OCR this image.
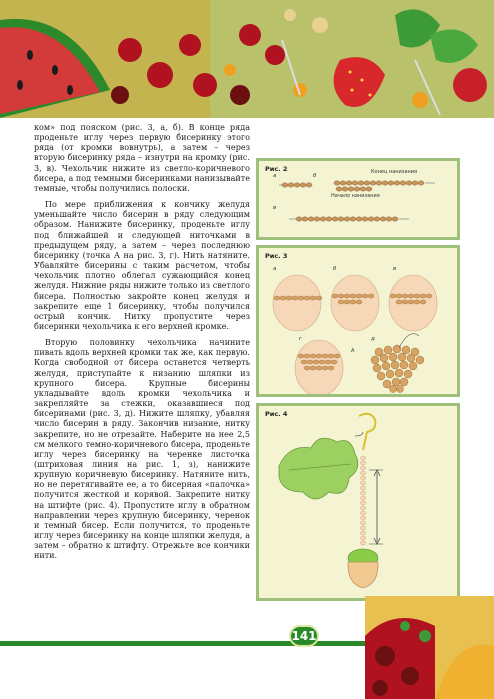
ком» под пояском (рис. 3, а, б). В конце ряда проденьте иглу через первую бисеринку этого ряда (от кромки вовнутрь), а затем – через вторую бисеринку ряда – изнутри на кромку (рис. 3, в). Чехольчик нижите из светло-коричневого бисера, а под темными бисеринками нанизывайте темные, чтобы получились полоски.

По мере приближения к кончику желудя уменьшайте число бисерин в ряду следующим образом. Нанижите бисеринку, проденьте иглу под ближайшей и следующей ниточками в предыдущем ряду, а затем – через последнюю бисеринку (точка А на рис. 3, г). Нить натяните. Убавляйте бисерины с таким расчетом, чтобы чехольчик плотно облегал сужающийся конец желудя. Нижние ряды нижите только из светлого бисера. Полностью закройте конец желудя и закрепите еще 1 бисеринку, чтобы получился острый кончик. Нитку пропустите через бисеринки чехольчика к его верхней кромке.

Вторую половинку чехольчика начините пивать вдоль верхней кромки так же, как первую. Когда свободной от бисера останется четверть желудя, приступайте к низанию шляпки из крупного бисера. Крупные бисерины укладывайте вдоль кромки чехольчика и закрепляйте за стежки, оказавшиеся под бисеринами (рис. 3, д). Нижите шляпку, убавляя число бисерин в ряду. Закончив низание, нитку закрепите, но не отрезайте. Наберите на нее 2,5 см мелкого темно-коричневого бисера, проденьте иглу через бисеринку на черенке листочка (штриховая линия на рис. 1, з), нанижите крупную коричневую бисеринку. Натяните нить, но не перетягивайте ее, а то бисерная «палочка» получится жесткой и корявой. Закрепите нитку на штифте (рис. 4). Пропустите иглу в обратном направлении через крупную бисеринку, черенок и темный бисер. Если получится, то проденьте иглу через бисеринку на конце шляпки желудя, а затем – обратно к штифту. Отрежьте все кончики нити.

Рис. 2
а
в
б
Конец нанизания
Начало нанизания
Рис. 3
а	б	в
г	д
А
Рис. 4
141
